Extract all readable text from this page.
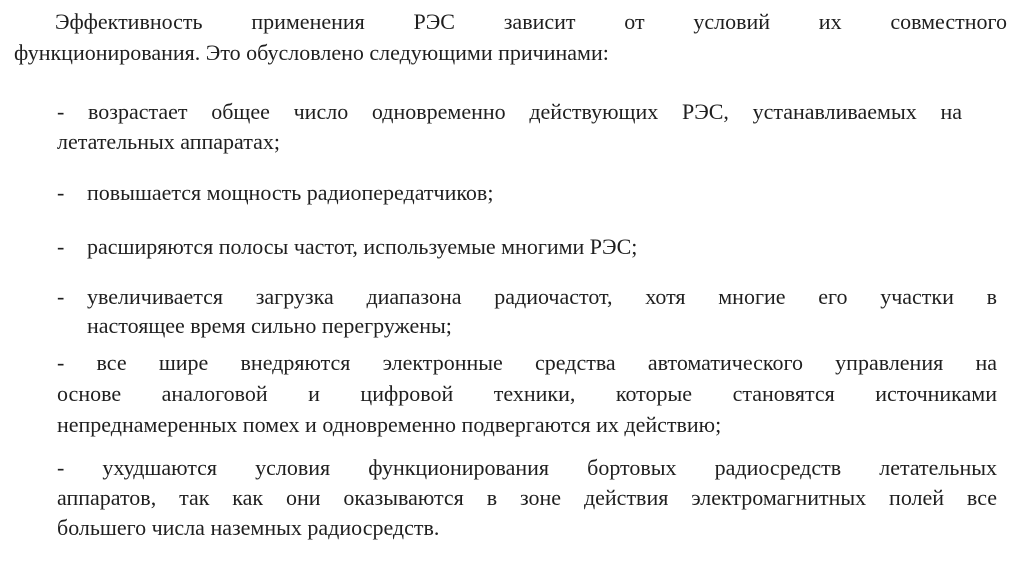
Эффективность применения РЭС зависит от условий их совместного
функционирования. Это обусловлено следующими причинами:
- возрастает общее число одновременно действующих РЭС, устанавливаемых на
летательных аппаратах;
- повышается мощность радиопередатчиков;
- расширяются полосы частот, используемые многими РЭС;
- увеличивается загрузка диапазона радиочастот, хотя многие его участки в
настоящее время сильно перегружены;
- все шире внедряются электронные средства автоматического управления на
основе аналоговой и цифровой техники, которые становятся источниками
непреднамеренных помех и одновременно подвергаются их действию;
- ухудшаются условия функционирования бортовых радиосредств летательных
аппаратов, так как они оказываются в зоне действия электромагнитных полей все
большего числа наземных радиосредств.
